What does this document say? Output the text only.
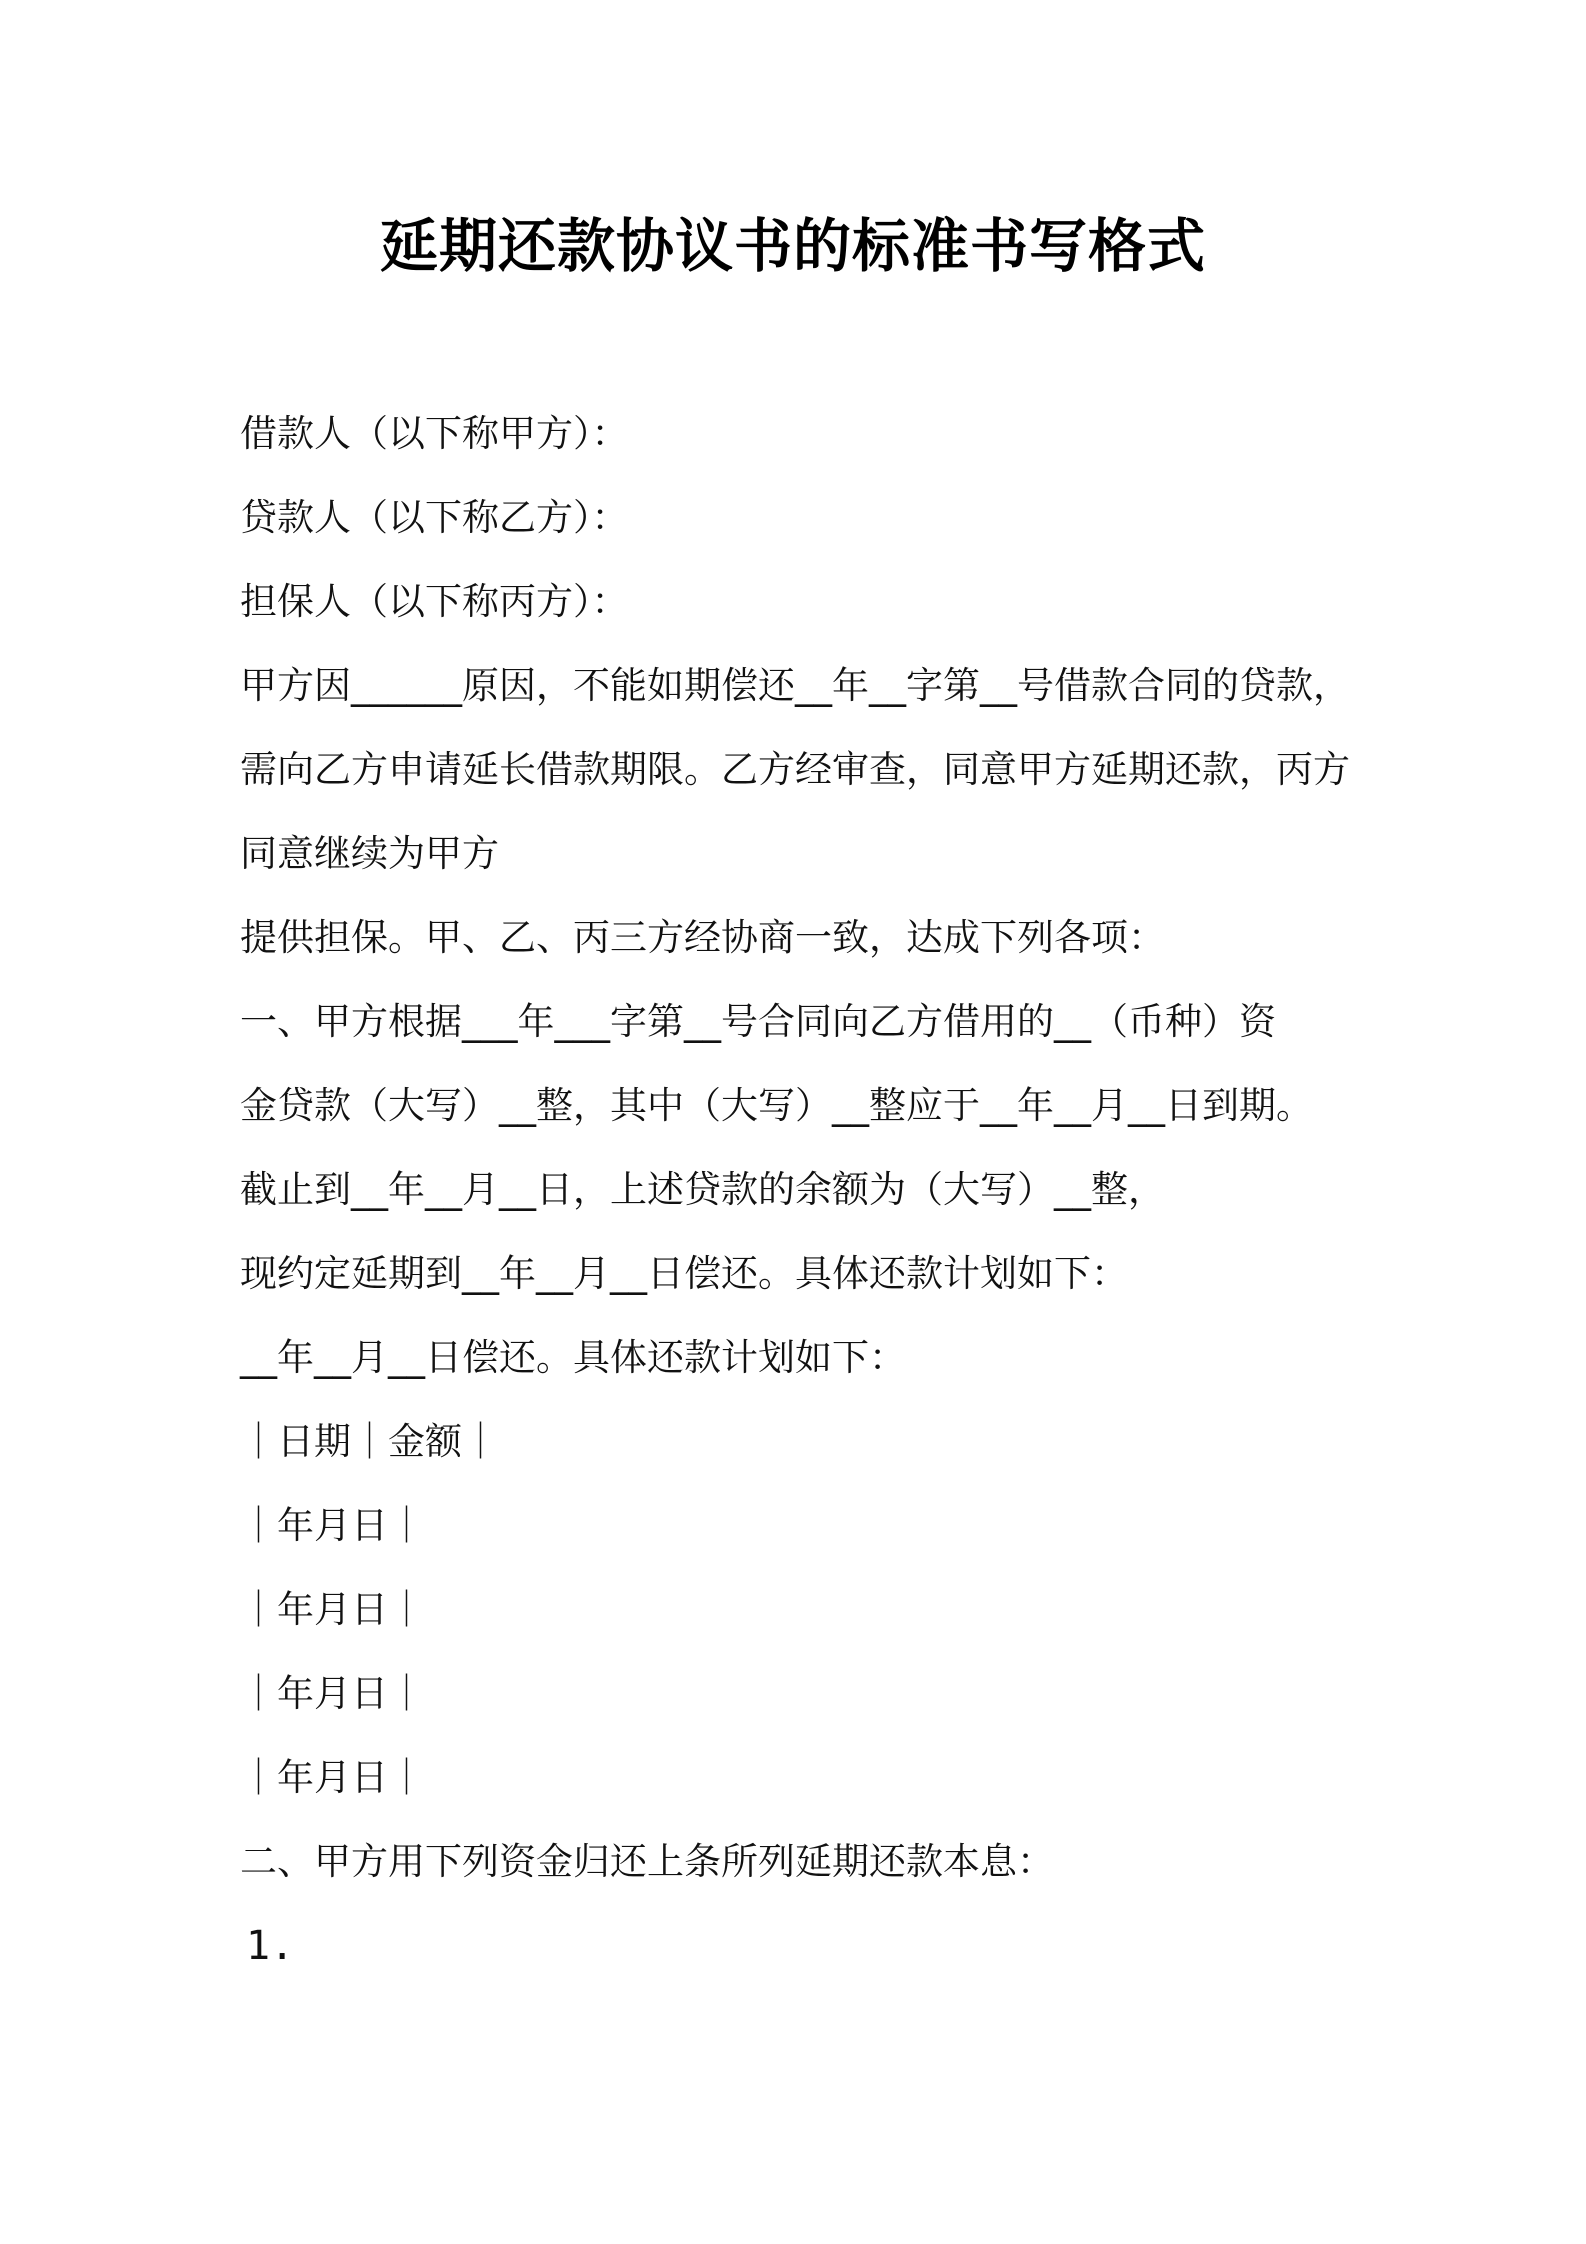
延期还款协议书的标准书写格式
借款人（以下称甲方）：
贷款人（以下称乙方）：
担保人（以下称丙方）：
甲方因______原因，不能如期偿还__年__字第__号借款合同的贷款，
需向乙方申请延长借款期限。乙方经审查，同意甲方延期还款，丙方
同意继续为甲方
提供担保。甲、乙、丙三方经协商一致，达成下列各项：
一、甲方根据___年___字第__号合同向乙方借用的__（币种）资
金贷款（大写）__整，其中（大写）__整应于__年__月__日到期。
截止到__年__月__日，上述贷款的余额为（大写）__整，
现约定延期到__年__月__日偿还。具体还款计划如下：
__年__月__日偿还。具体还款计划如下：
｜日期｜金额｜
｜年月日｜
｜年月日｜
｜年月日｜
｜年月日｜
二、甲方用下列资金归还上条所列延期还款本息：
1.
